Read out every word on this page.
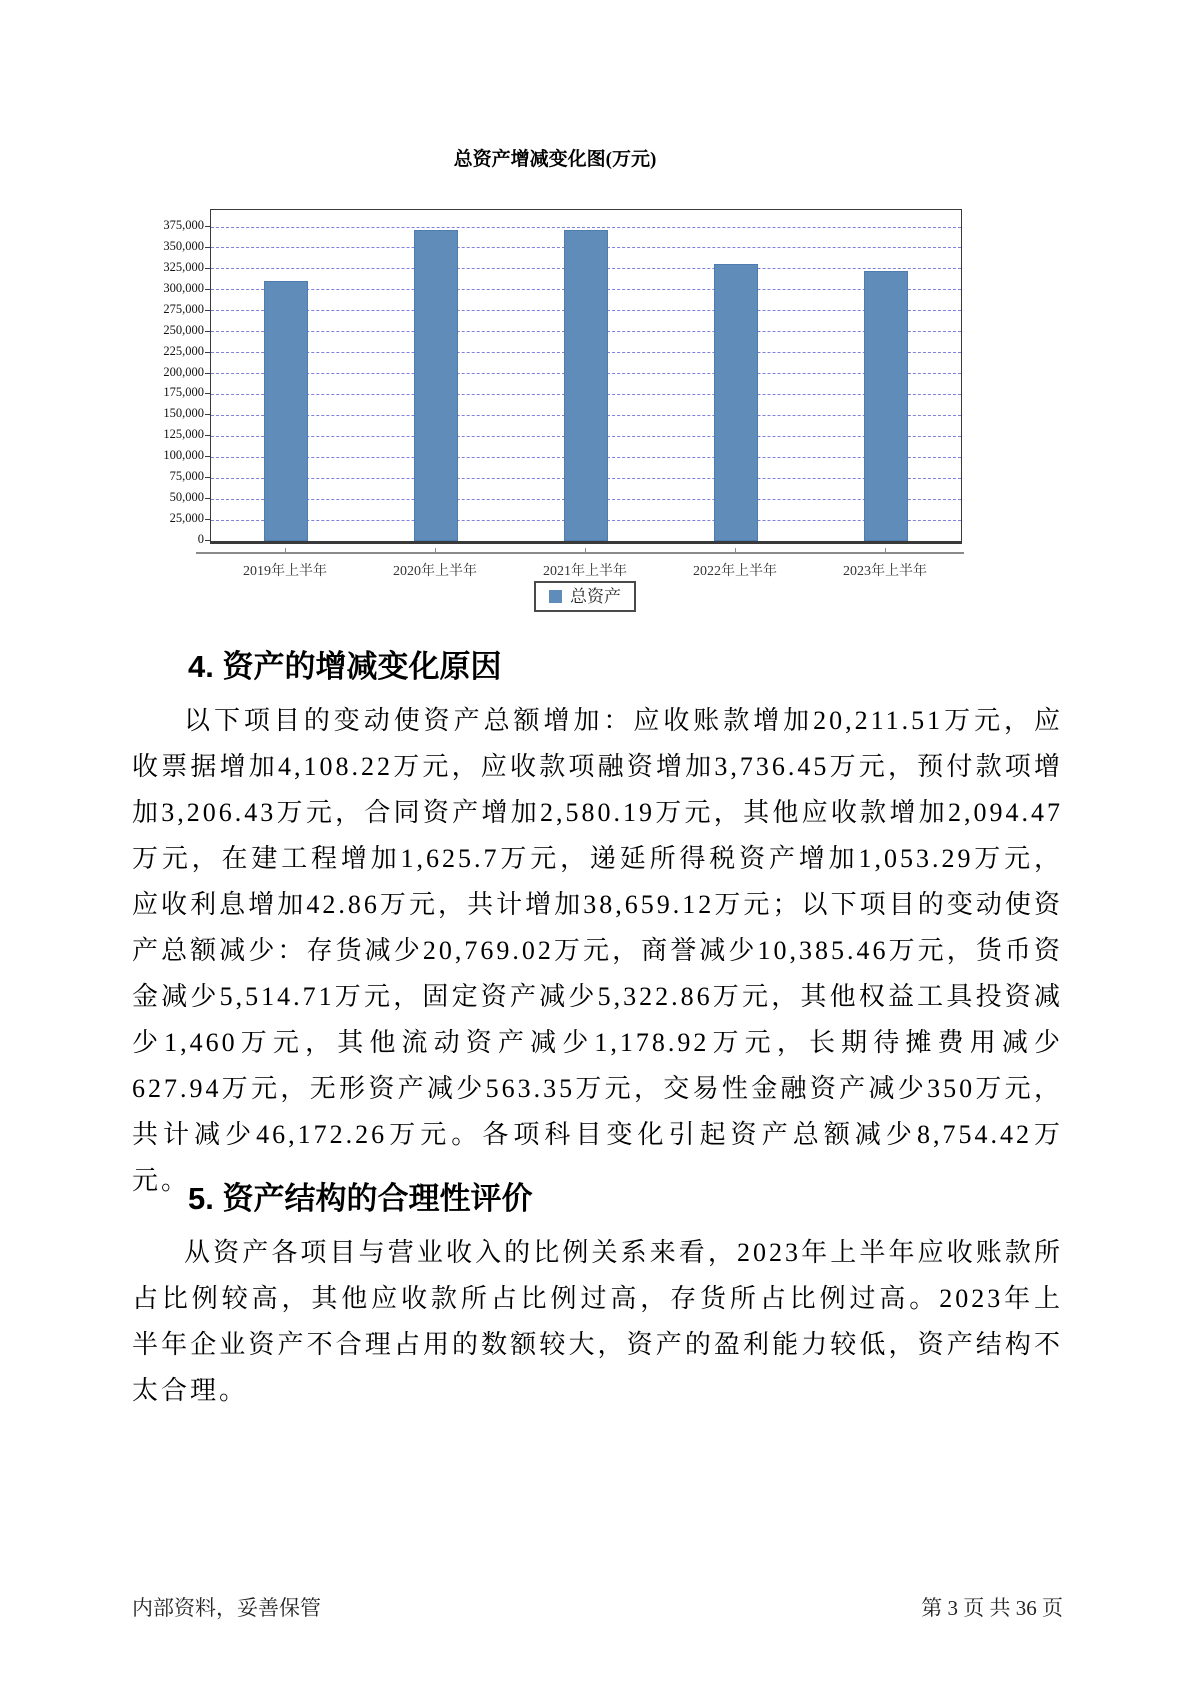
总资产增减变化图(万元)
总资产
0
25,000
50,000
75,000
100,000
125,000
150,000
175,000
200,000
225,000
250,000
275,000
300,000
325,000
350,000
375,000
2019年上半年	2020年上半年	2021年上半年	2022年上半年	2023年上半年
4. 资产的增减变化原因
以下项目的变动使资产总额增加：应收账款增加20,211.51万元，应收票据增加4,108.22万元，应收款项融资增加3,736.45万元，预付款项增加3,206.43万元，合同资产增加2,580.19万元，其他应收款增加2,094.47万元，在建工程增加1,625.7万元，递延所得税资产增加1,053.29万元，应收利息增加42.86万元，共计增加38,659.12万元；以下项目的变动使资产总额减少：存货减少20,769.02万元，商誉减少10,385.46万元，货币资金减少5,514.71万元，固定资产减少5,322.86万元，其他权益工具投资减少1,460万元，其他流动资产减少1,178.92万元，长期待摊费用减少627.94万元，无形资产减少563.35万元，交易性金融资产减少350万元，共计减少46,172.26万元。各项科目变化引起资产总额减少8,754.42万元。
5. 资产结构的合理性评价
从资产各项目与营业收入的比例关系来看，2023年上半年应收账款所占比例较高，其他应收款所占比例过高，存货所占比例过高。2023年上半年企业资产不合理占用的数额较大，资产的盈利能力较低，资产结构不太合理。
内部资料，妥善保管	第 3 页 共 36 页
